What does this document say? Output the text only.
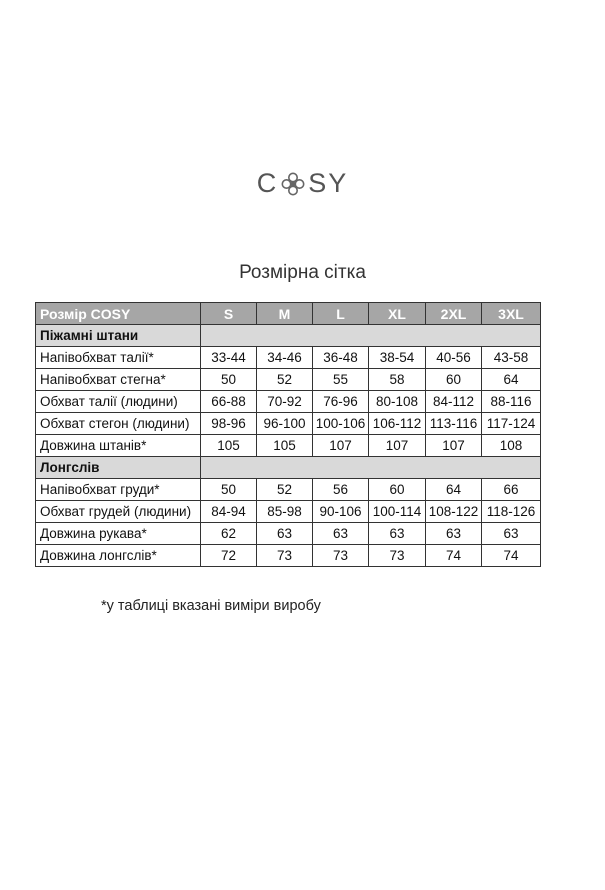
C SY
Розмірна сітка
Розмір COSY	S	M	L	XL	2XL	3XL
Піжамні штани						
Напівобхват талії*	33-44	34-46	36-48	38-54	40-56	43-58
Напівобхват стегна*	50	52	55	58	60	64
Обхват талії (людини)	66-88	70-92	76-96	80-108	84-112	88-116
Обхват стегон (людини)	98-96	96-100	100-106	106-112	113-116	117-124
Довжина штанів*	105	105	107	107	107	108
Лонгслів						
Напівобхват груди*	50	52	56	60	64	66
Обхват грудей (людини)	84-94	85-98	90-106	100-114	108-122	118-126
Довжина рукава*	62	63	63	63	63	63
Довжина лонгслів*	72	73	73	73	74	74
*у таблиці вказані виміри виробу
